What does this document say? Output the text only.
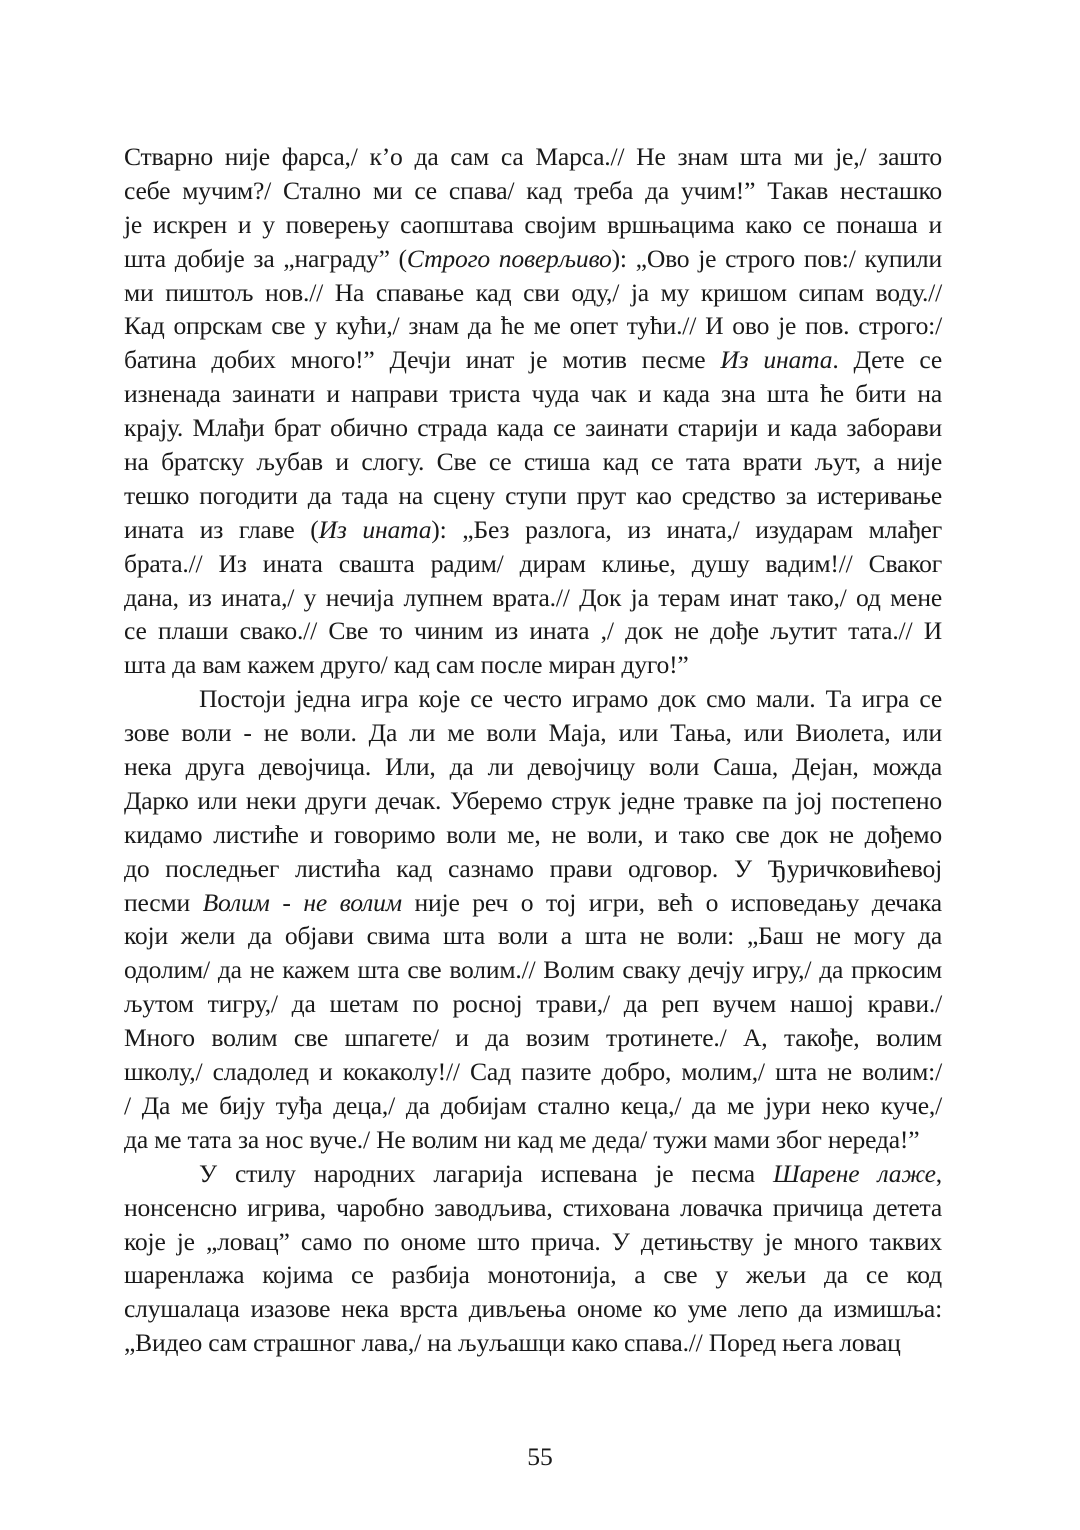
Стварно није фарса,/ к’о да сам са Марса.// Не знам шта ми је,/ зашто
себе мучим?/ Стално ми се спава/ кад треба да учим!” Такав несташко
је искрен и у поверењу саопштава својим вршњацима како се понаша и
шта добије за „награду” (Строго поверљиво): „Ово је строго пов:/ купили
ми пиштољ нов.// На спавање кад сви оду,/ ја му кришом сипам воду.//
Кад опрскам све у кући,/ знам да ће ме опет тући.// И ово је пов. строго:/
батина добих много!” Дечји инат је мотив песме Из ината. Дете се
изненада заинати и направи триста чуда чак и када зна шта ће бити на
крају. Млађи брат обично страда када се заинати старији и када заборави
на братску љубав и слогу. Све се стиша кад се тата врати љут, а није
тешко погодити да тада на сцену ступи прут као средство за истеривање
ината из главе (Из ината): „Без разлога, из ината,/ изударам млађег
брата.// Из ината свашта радим/ дирам клиње, душу вадим!// Сваког
дана, из ината,/ у нечија лупнем врата.// Док ја терам инат тако,/ од мене
се плаши свако.// Све то чиним из ината ,/ док не дође љутит тата.// И
шта да вам кажем друго/ кад сам после миран дуго!”
Постоји једна игра које се често играмо док смо мали. Та игра се
зове воли - не воли. Да ли ме воли Маја, или Тања, или Виолета, или
нека друга девојчица. Или, да ли девојчицу воли Саша, Дејан, можда
Дарко или неки други дечак. Уберемо струк једне травке па јој постепено
кидамо листиће и говоримо воли ме, не воли, и тако све док не дођемо
до последњег листића кад сазнамо прави одговор. У Ђуричковићевој
песми Волим - не волим није реч о тој игри, већ о исповедању дечака
који жели да објави свима шта воли а шта не воли: „Баш не могу да
одолим/ да не кажем шта све волим.// Волим сваку дечју игру,/ да пркосим
љутом тигру,/ да шетам по росној трави,/ да реп вучем нашој крави./
Много волим све шпагете/ и да возим тротинете./ А, такође, волим
школу,/ сладолед и кокаколу!// Сад пазите добро, молим,/ шта не волим:/
/ Да ме бију туђа деца,/ да добијам стално кеца,/ да ме јури неко куче,/
да ме тата за нос вуче./ Не волим ни кад ме деда/ тужи мами због нереда!”
У стилу народних лагарија испевана је песма Шарене лаже,
нонсенсно игрива, чаробно заводљива, стихована ловачка причица детета
које је „ловац” само по ономе што прича. У детињству је много таквих
шаренлажа којима се разбија монотонија, а све у жељи да се код
слушалаца изазове нека врста дивљења ономе ко уме лепо да измишља:
„Видео сам страшног лава,/ на љуљашци како спава.// Поред њега ловац
55
